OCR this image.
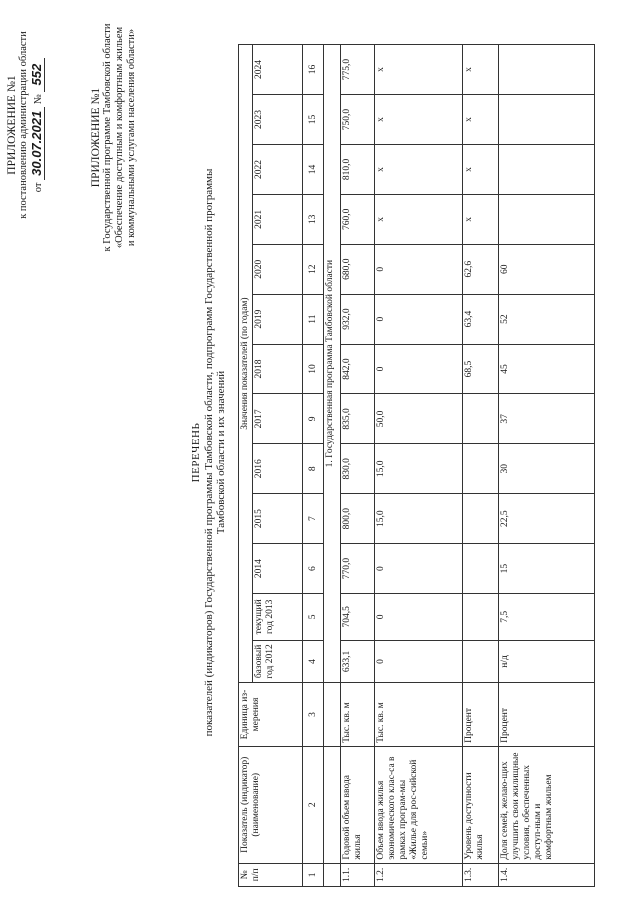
ПРИЛОЖЕНИЕ №1 к постановлению администрации области от 30.07.2021 № 552
ПРИЛОЖЕНИЕ №1 к Государственной программе Тамбовской области «Обеспечение доступным и комфортным жильем и коммунальными услугами населения области»
ПЕРЕЧЕНЬ показателей (индикаторов) Государственной программы Тамбовской области, подпрограмм Государственной программы Тамбовской области и их значений
№ п/п	Показатель (индикатор) (наименование)	Единица из-мерения	Значения показателей (по годам)												
			базовый год 2012	текущий год 2013	2014	2015	2016	2017	2018	2019	2020	2021	2022	2023	2024
1	2	3	4	5	6	7	8	9	10	11	12	13	14	15	16
			1. Государственная программа Тамбовской области												
1.1.	Годовой объем ввода жилья	Тыс. кв. м	633,1	704,5	770,0	800,0	830,0	835,0	842,0	932,0	680,0	760,0	810,0	750,0	775,0
1.2.	Объем ввода жилья экономического клас-са в рамках програм-мы «Жилье для рос-сийской семьи»	Тыс. кв. м	0	0	0	15,0	15,0	50,0	0	0	0	х	х	х	х
1.3.	Уровень доступности жилья	Процент							68,5	63,4	62,6	х	х	х	х
1.4.	Доля семей, желаю-щих улучшить свои жилищные условия, обеспеченных доступ-ным и комфортным жильем	Процент	н/д	7,5	15	22,5	30	37	45	52	60				
